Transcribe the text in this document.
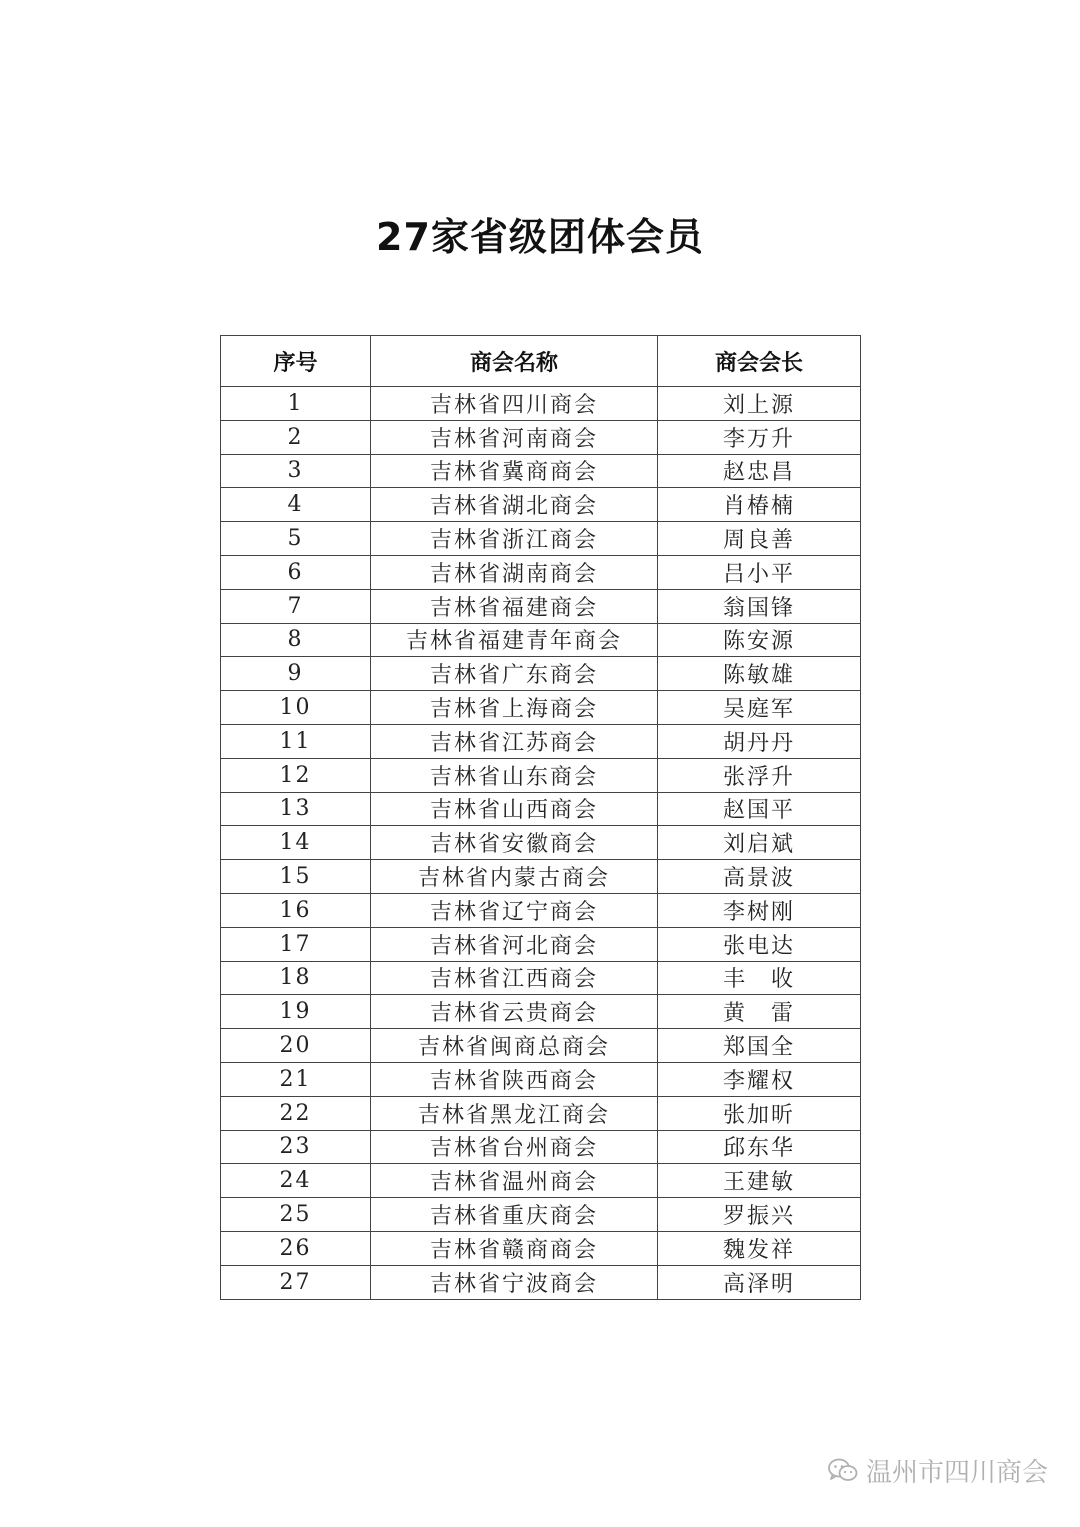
27家省级团体会员
序号	商会名称	商会会长
1	吉林省四川商会	刘上源
2	吉林省河南商会	李万升
3	吉林省冀商商会	赵忠昌
4	吉林省湖北商会	肖椿楠
5	吉林省浙江商会	周良善
6	吉林省湖南商会	吕小平
7	吉林省福建商会	翁国锋
8	吉林省福建青年商会	陈安源
9	吉林省广东商会	陈敏雄
10	吉林省上海商会	吴庭军
11	吉林省江苏商会	胡丹丹
12	吉林省山东商会	张浮升
13	吉林省山西商会	赵国平
14	吉林省安徽商会	刘启斌
15	吉林省内蒙古商会	高景波
16	吉林省辽宁商会	李树刚
17	吉林省河北商会	张电达
18	吉林省江西商会	丰　收
19	吉林省云贵商会	黄　雷
20	吉林省闽商总商会	郑国全
21	吉林省陕西商会	李耀权
22	吉林省黑龙江商会	张加昕
23	吉林省台州商会	邱东华
24	吉林省温州商会	王建敏
25	吉林省重庆商会	罗振兴
26	吉林省赣商商会	魏发祥
27	吉林省宁波商会	高泽明
温州市四川商会
